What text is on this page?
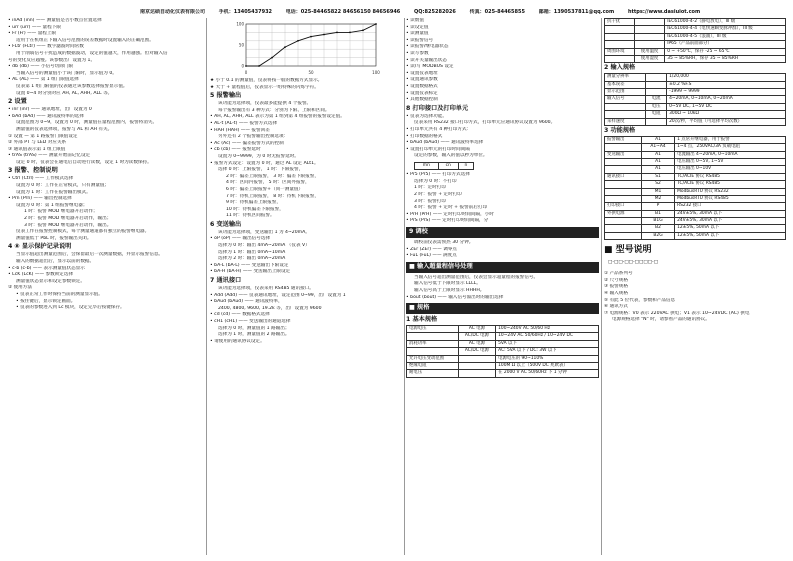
南京达硕自动化仪表有限公司	手机：13405437932	电话：025-84465822 84656150 84656946	QQ:825282026	传真：025-84465855	邮箱：1390537811@qq.com	https://www.dasiuiot.com
• inAd (inn) —— 测量值是否小数点位置选择
• urr (urr) —— 量程下限
• Fr (Fr) —— 量程上限
适用于在机组正下输入信号范围的误差数据时设置输入的正确范围。
• FLtr (FLtr) —— 数字滤波时间常数
用于削弱信号干扰造成的数据波动，设定的值越大，作用越强。但对输入信
号的变化反应越慢。该参数出厂设置为 1。
• db (db) —— 小信号切除门限
当输入信号的测量值小于该门限时，显示值为 0。
• AL (AL) —— 第 1 组门限值选择
仪表第 1 组门限值的仪表通过该参数选择报警显示值。
设置 0~4 时分别对应 AH, AL, AHH, ALL 等。
2 设置
• inr (inr) —— 通讯地址，出厂设置为 0
• bAd (bAd) —— 通讯波特率的选择
设置范围为 0~9，设置为 0 时，测量值在量程范围内，报警将消失。
测量值的仪表选择项，报警与 AL 和 AH 有关。
① 设置 — 第 1 路报警门限值设定
② 外部 PT 与 LED 对应关系
③ 通讯值表示第 1 组上限值
• trAS (trAS) —— 测量开始前记忆设定
设定 0 时，仪表会在通电后自动进行读数，设定 1 时为读数保持。
3 报警、控制说明
• Ctrl (Ctrl) —— 工作模式选择
设置为 0 时：工作在正常模式，只有测量值；
设置为 1 时：工作在报警输出模式。
• Prn (Prn) —— 输出控制选择
设置为 0 时：第 1 组报警继电器；
1 时：报警 MOD 继电器开启动作；
2 时：报警 MOD 继电器开启动作，输出；
3 时：报警 MOD 继电器开启动作，输出。
仪表工作在报警控制模式，每个测量通道都有独立的报警继电器。
测量值低于 PbL 时，报警输出关闭。
4 ⑧ 显示保护记录说明
当显示值超出测量范围后，会保留最后一次测量数据，并显示报警信息。
输入的数据超出后，显示以前的数据。
• c-b (c-b) —— 表示测量值状态显示
• LcK (LcK) —— 参数锁定选择
测量值状态显示和设定参数锁定。
② 使用方法
• 仪表正常工作时保持当前的测量显示值。
• 按住键后，显示锁定画面。
• 仪表的参数进入到 Lc 模块，设定完毕后按键保存。
0	50	100
0
50
100
★ 小于 0.1 的测量值，仪表将按一般的数据方式显示。
★ 大于 + 量程值后，仪表显示一组特殊的闪烁字符。
5 报警输出
该功能为选择项，仪表最多能提供 4 个报警。
每个报警输出有 3 种方式：分别为下限、上限和区间。
• AH, AL, AHH, ALL 表示为第 1 组到第 4 组报警的报警设定值。
• AL-t (AL-t) —— 报警方式选择
• HAH (HAH) —— 报警回差
另外还有 2 个报警输出控制选项：
• Ac (Ac) —— 偏差报警方式的控制
• cb (cb) —— 报警延时
设置为 0~9999，为 0 时无报警延时。
• 报警方式设定：设置为 0 时，通过 AL 设定 ALt1。
选择 0 时：上限报警， 1 时：下限报警，
2 时：偏差上限报警， 3 时：偏差下限报警，
4 时：区间内报警， 5 时：区间外报警，
6 时：偏差上限报警+（同一测量值）
7 时：待机上限报警， 8 时：待机下限报警，
9 时：待机偏差上限报警，
10 时：待机偏差下限报警，
11 时：待机区间报警。
6 变送输出
该功能为选择项，变送输出 1 为 4~20mA。
• oP (oP) —— 输出信号选择
选择为 0 时：输出 4mA~20mA （仪表 V）
选择为 1 时：输出 0mA~10mA
选择为 2 时：输出 0mA~20mA
• bA-L (bA-L) —— 变送输出下限设定
• bA-H (bA-H) —— 变送输出上限设定
7 通讯接口
该功能为选择项，仪表采用 RS485 通讯接口。
• Add (Add) —— 仪表通讯地址，设定范围 0~99，出厂设置为 1
• bAud (bAud) —— 通讯波特率，
2400, 4800, 9600, 19.2k 等，出厂设置为 9600
• cd (cd) —— 数据格式选择
• cH1 (cH1) —— 变送输出的通道选择
选择为 0 时，测量值的 1 路输出；
选择为 1 时，测量值的 2 路输出。
• 请使用的通讯协议设定。
• 读数值
• 读设定值
• 读测量值
• 读报警信号
• 读报警/继电器状态
• 读写参数
• 读开关量输出状态
• 读/写 MODBUS 设定
• 设置仪表地址
• 设置通讯参数
• 设置数据格式
• 设置仪表标定
• 其他数据控制
8 打印接口及打印单元
• 仪表为选择功能。
仪表采用 RS232 接口打印方式，打印单元应通讯协议设置为 9600。
• 打印单元共有 4 种打印方式：
• 打印数据的格式
• bAud (bAud) —— 通讯波特率选择
• 设置打印单元的打印时间间隔
设定的参数，输入的值以秒为单位。
mn	cn	n
• Pr5 (Pr5) —— 打印方式选择
选择为 0 时：不打印
1 时：定时打印
2 时：报警 + 定时打印
3 时：报警打印
4 时：报警 + 定时 + 报警前后打印
• PrH (PrH) —— 定时打印时间间隔，小时
• PrS (PrS) —— 定时打印时间间隔，分
9 调校
调校前仪表需预热 30 分钟。
• ZEr (ZEr) —— 调零点
• FuL (FuL) —— 满度点
■ 输入超量程信号处理
当输入信号超出测量范围后，仪表会显示超量程的报警信号。
输入信号低于下限时显示 LLLL。
输入信号高于上限时显示 HHHH。
• bout (bout) —— 输入信号溢出时的输出选择
■ 规格
1 基本规格
电源电压	AC 电源	100~240V AC 50/60 Hz
	AC/DC 电源	10~24V AC 50/60Hz / 10~24V DC
消耗功率	AC 电源	5VA 以下
	AC/DC 电源	AC: 5VA 以下 / DC: 3W 以下
允许电压变动范围		电源电压的 90~110%
绝缘电阻		100M Ω 以上（500V DC 兆欧表）
耐电压		在 2000 V AC 50/60Hz 下 1 分钟
抗干扰		IEC61000-4-2（静电放电），III 级
		IEC61000-4-4（电快速瞬变脉冲群），III 级
		IEC61000-4-5（浪涌），III 级
		IP65（产品前面部分）
周围环境	使用温度	0 ~ +50℃，保存 -25 ~ 65℃
	使用湿度	35 ~ 85%RH，保存 35 ~ 85%RH
2 输入规格
测量分辨率		1/20,000
基本误差		±0.2 %F.S
显示范围		-1999 ~ 9999
输入信号	电流	4~20mA, 0~10mA, 0~20mA
	电压	0~5V DC, 1~5V DC
	电阻	300Ω ~ 10kΩ
采样速度		20次/秒，平均值（可选择平均次数）
3 功能规格
报警输出	A1	1 点常开继电器，用于报警
	A1~A4	1~4 点，250VAC/3A 负载电阻
变送输出	A1	电流输出 4~20mA, 0~10mA
	A1	电压输出 0~5V, 1~5V
	A1	电压输出 0~10V
通讯接口	S1	TC/ACIE 协议 RS485
	S2	TC/ACIE 协议 RS485
	M1	ModbusRTU 协议 RS232
	M2	ModbusRTU 协议 RS485
打印接口	P	RS232 接口
外供电源	B1	24V±5%, 30mA 以下
	B1G	24V±5%, 30mA 以下
	B2	12±5%, 50mA 以下
	B2G	12±5%, 50mA 以下
■ 型号说明
□-□□-□□-□□□□-□
① 产品系列号
② 尺寸规格
③ 报警规格
④ 输入规格
⑤ 有此 5 位代表，参数和产品信息
⑥ 通讯方式
⑦ 电源规格：V0 表示 220VAC 供电；V1 表示 10~24VDC (AC) 供电
电源规格选择 "N" 时，请参看产品的通讯协议。
